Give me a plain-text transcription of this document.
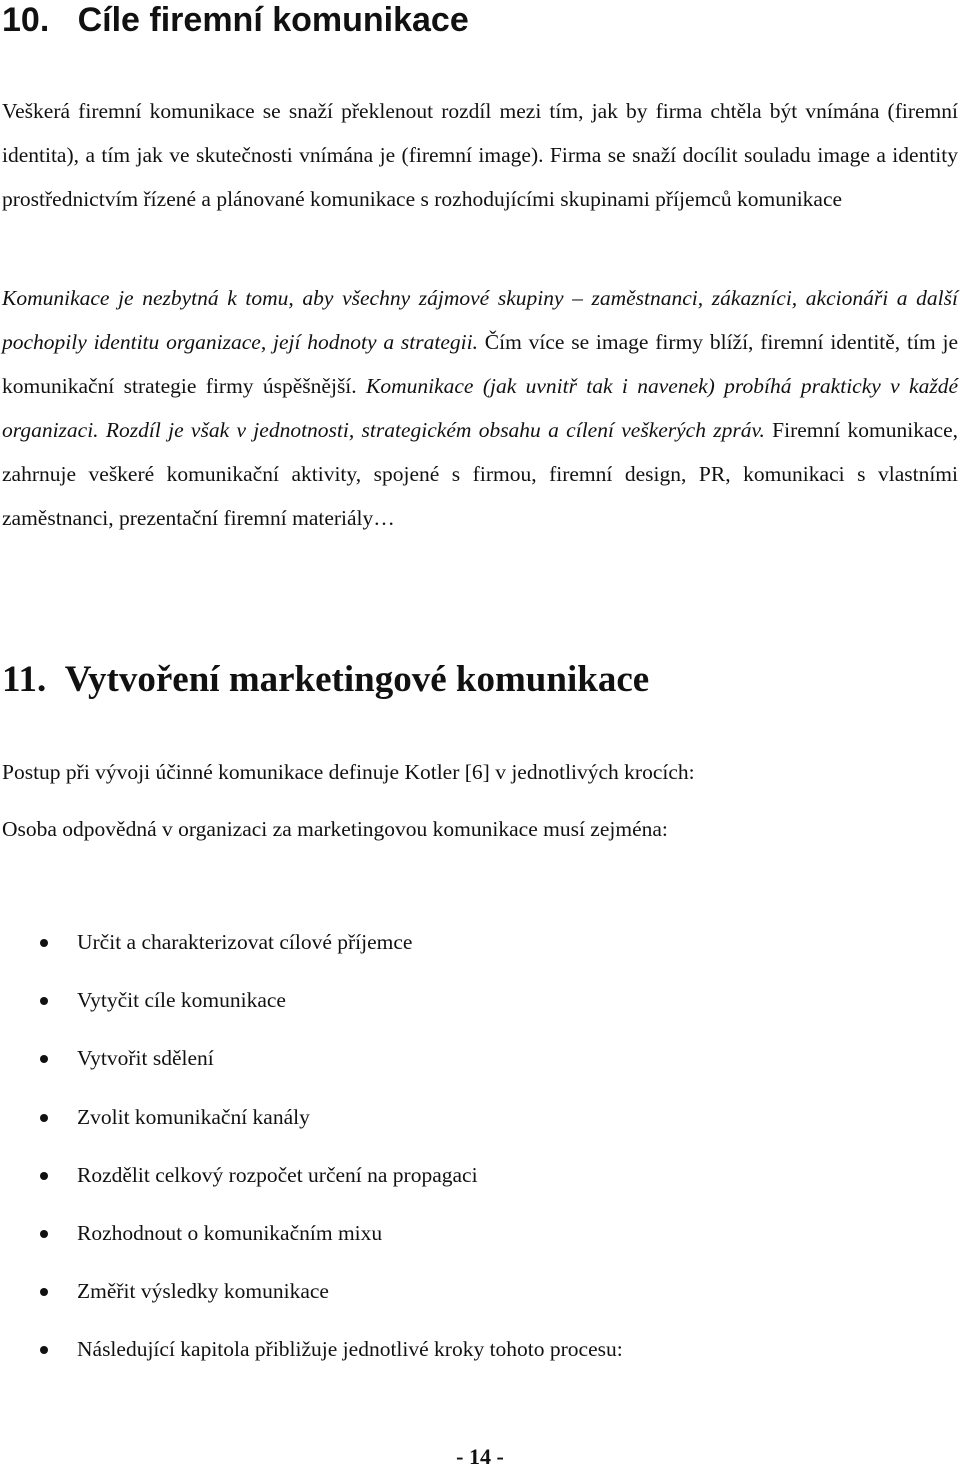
10. Cíle firemní komunikace

Veškerá firemní komunikace se snaží překlenout rozdíl mezi tím, jak by firma chtěla být vnímána (firemní identita), a tím jak ve skutečnosti vnímána je (firemní image). Firma se snaží docílit souladu image a identity prostřednictvím řízené a plánované komunikace s rozhodujícími skupinami příjemců komunikace

Komunikace je nezbytná k tomu, aby všechny zájmové skupiny – zaměstnanci, zákazníci, akcionáři a další pochopily identitu organizace, její hodnoty a strategii. Čím více se image firmy blíží, firemní identitě, tím je komunikační strategie firmy úspěšnější. Komunikace (jak uvnitř tak i navenek) probíhá prakticky v každé organizaci. Rozdíl je však v jednotnosti, strategickém obsahu a cílení veškerých zpráv. Firemní komunikace, zahrnuje veškeré komunikační aktivity, spojené s firmou, firemní design, PR, komunikaci s vlastními zaměstnanci, prezentační firemní materiály…

11. Vytvoření marketingové komunikace

Postup při vývoji účinné komunikace definuje Kotler [6] v jednotlivých krocích:

Osoba odpovědná v organizaci za marketingovou komunikace musí zejména:

Určit a charakterizovat cílové příjemce
Vytyčit cíle komunikace
Vytvořit sdělení
Zvolit komunikační kanály
Rozdělit celkový rozpočet určení na propagaci
Rozhodnout o komunikačním mixu
Změřit výsledky komunikace
Následující kapitola přibližuje jednotlivé kroky tohoto procesu:
- 14 -
